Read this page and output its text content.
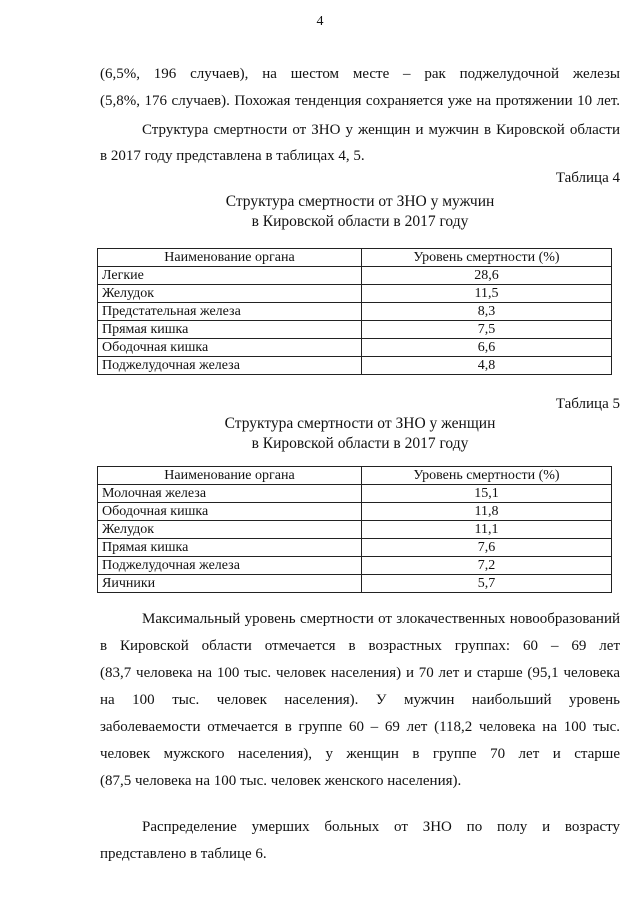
4
(6,5%, 196 случаев), на шестом месте – рак поджелудочной железы
(5,8%, 176 случаев). Похожая тенденция сохраняется уже на протяжении 10 лет.
Структура смертности от ЗНО у женщин и мужчин в Кировской области
в 2017 году представлена в таблицах 4, 5.
Таблица 4
Структура смертности от ЗНО у мужчин
в Кировской области в 2017 году
Наименование органа	Уровень смертности (%)
Легкие	28,6
Желудок	11,5
Предстательная железа	8,3
Прямая кишка	7,5
Ободочная кишка	6,6
Поджелудочная железа	4,8
Таблица 5
Структура смертности от ЗНО у женщин
в Кировской области в 2017 году
Наименование органа	Уровень смертности (%)
Молочная железа	15,1
Ободочная кишка	11,8
Желудок	11,1
Прямая кишка	7,6
Поджелудочная железа	7,2
Яичники	5,7
Максимальный уровень смертности от злокачественных новообразований
в Кировской области отмечается в возрастных группах: 60 – 69 лет
(83,7 человека на 100 тыс. человек населения) и 70 лет и старше (95,1 человека
на 100 тыс. человек населения). У мужчин наибольший уровень
заболеваемости отмечается в группе 60 – 69 лет (118,2 человека на 100 тыс.
человек мужского населения), у женщин в группе 70 лет и старше
(87,5 человека на 100 тыс. человек женского населения).
Распределение умерших больных от ЗНО по полу и возрасту
представлено в таблице 6.
